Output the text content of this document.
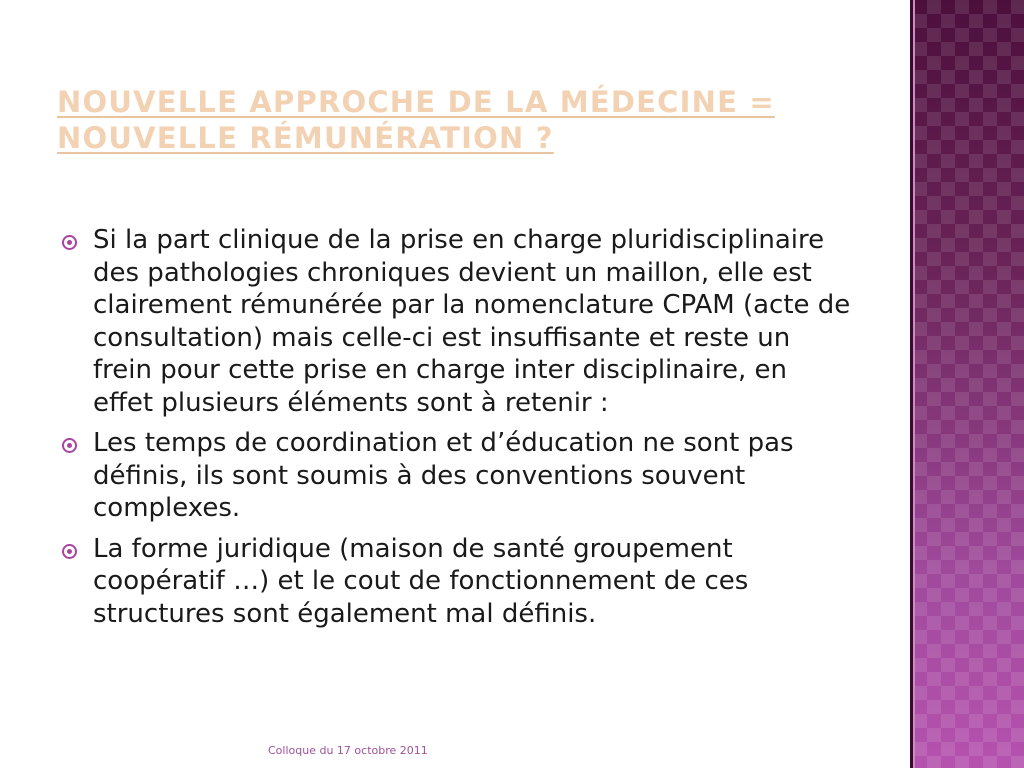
NOUVELLE APPROCHE DE LA MÉDECINE =
NOUVELLE RÉMUNÉRATION ?
Si la part clinique de la prise en charge pluridisciplinaire des pathologies chroniques devient un maillon, elle est clairement rémunérée par la nomenclature CPAM (acte de consultation) mais celle-ci est insuffisante et reste un frein pour cette prise en charge inter disciplinaire, en effet plusieurs éléments sont à retenir :
Les temps de coordination et d’éducation ne sont pas définis, ils sont soumis à des conventions souvent complexes.
La forme juridique (maison de santé groupement coopératif …) et le cout de fonctionnement de ces structures sont également mal définis.
Colloque du 17 octobre 2011
